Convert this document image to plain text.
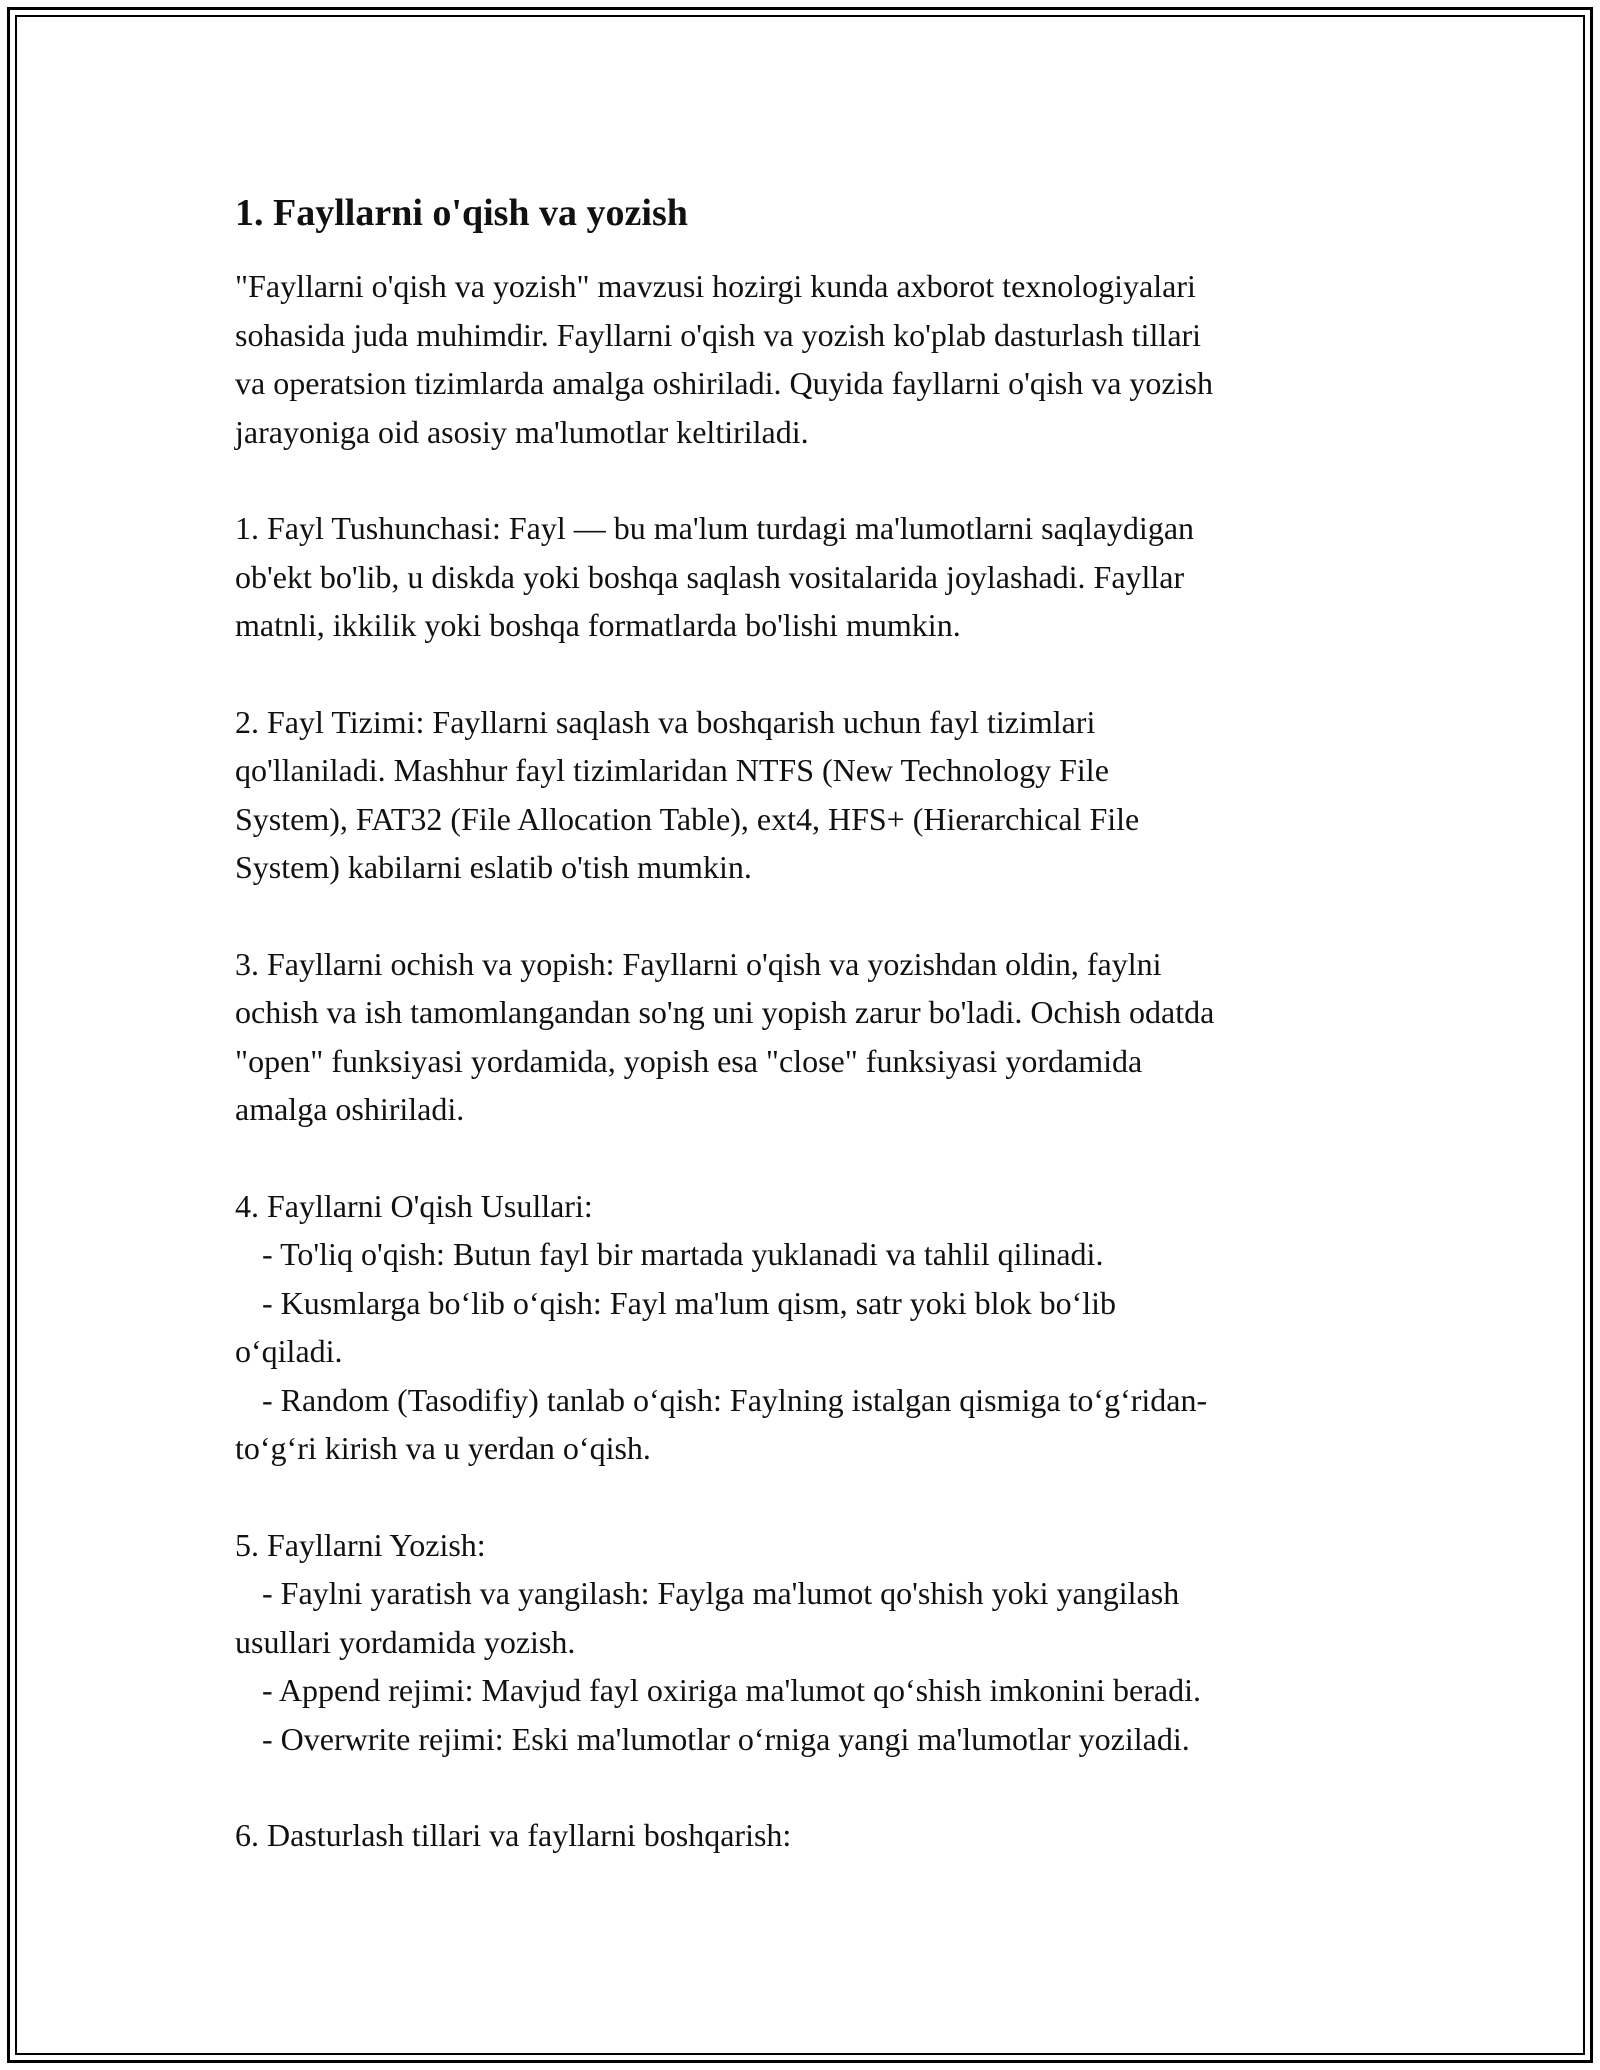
1. Fayllarni o'qish va yozish
"Fayllarni o'qish va yozish" mavzusi hozirgi kunda axborot texnologiyalari
sohasida juda muhimdir. Fayllarni o'qish va yozish ko'plab dasturlash tillari
va operatsion tizimlarda amalga oshiriladi. Quyida fayllarni o'qish va yozish
jarayoniga oid asosiy ma'lumotlar keltiriladi.
1. Fayl Tushunchasi: Fayl — bu ma'lum turdagi ma'lumotlarni saqlaydigan
ob'ekt bo'lib, u diskda yoki boshqa saqlash vositalarida joylashadi. Fayllar
matnli, ikkilik yoki boshqa formatlarda bo'lishi mumkin.
2. Fayl Tizimi: Fayllarni saqlash va boshqarish uchun fayl tizimlari
qo'llaniladi. Mashhur fayl tizimlaridan NTFS (New Technology File
System), FAT32 (File Allocation Table), ext4, HFS+ (Hierarchical File
System) kabilarni eslatib o'tish mumkin.
3. Fayllarni ochish va yopish: Fayllarni o'qish va yozishdan oldin, faylni
ochish va ish tamomlangandan so'ng uni yopish zarur bo'ladi. Ochish odatda
"open" funksiyasi yordamida, yopish esa "close" funksiyasi yordamida
amalga oshiriladi.
4. Fayllarni O'qish Usullari:
- To'liq o'qish: Butun fayl bir martada yuklanadi va tahlil qilinadi.
- Kusmlarga bo‘lib o‘qish: Fayl ma'lum qism, satr yoki blok bo‘lib
o‘qiladi.
- Random (Tasodifiy) tanlab o‘qish: Faylning istalgan qismiga to‘g‘ridan-
to‘g‘ri kirish va u yerdan o‘qish.
5. Fayllarni Yozish:
- Faylni yaratish va yangilash: Faylga ma'lumot qo'shish yoki yangilash
usullari yordamida yozish.
- Append rejimi: Mavjud fayl oxiriga ma'lumot qo‘shish imkonini beradi.
- Overwrite rejimi: Eski ma'lumotlar o‘rniga yangi ma'lumotlar yoziladi.
6. Dasturlash tillari va fayllarni boshqarish:
